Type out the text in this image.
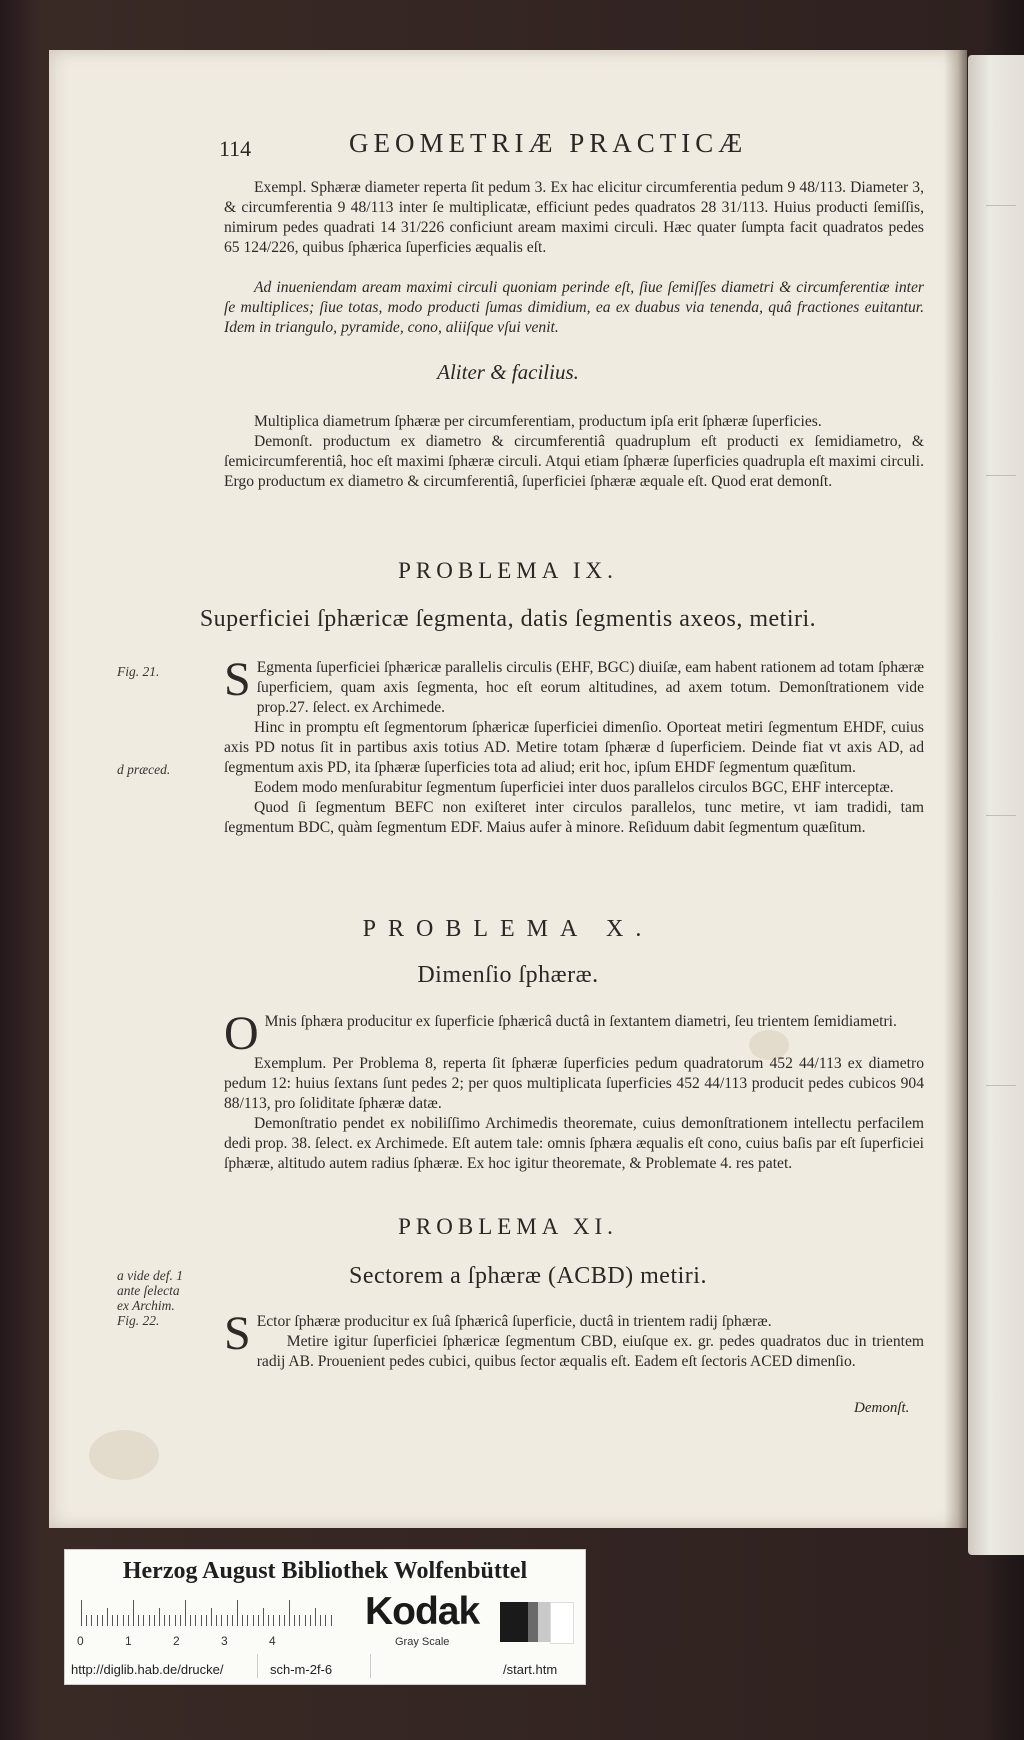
114	GEOMETRIÆ PRACTICÆ

Exempl. Sphæræ diameter reperta ſit pedum 3. Ex hac elicitur circumferentia pedum 9 48/113. Diameter 3, & circumferentia 9 48/113 inter ſe multiplicatæ, efficiunt pedes quadratos 28 31/113. Huius producti ſemiſſis, nimirum pedes quadrati 14 31/226 conficiunt aream maximi circuli. Hæc quater ſumpta facit quadratos pedes 65 124/226, quibus ſphærica ſuperficies æqualis eſt.

Ad inueniendam aream maximi circuli quoniam perinde eſt, ſiue ſemiſſes diametri & circumferentiæ inter ſe multiplices; ſiue totas, modo producti ſumas dimidium, ea ex duabus via tenenda, quâ fractiones euitantur. Idem in triangulo, pyramide, cono, aliiſque vſui venit.

Aliter & facilius.

Multiplica diametrum ſphæræ per circumferentiam, productum ipſa erit ſphæræ ſuperficies.

Demonſt. productum ex diametro & circumferentiâ quadruplum eſt producti ex ſemidiametro, & ſemicircumferentiâ, hoc eſt maximi ſphæræ circuli. Atqui etiam ſphæræ ſuperficies quadrupla eſt maximi circuli. Ergo productum ex diametro & circumferentiâ, ſuperficiei ſphæræ æquale eſt. Quod erat demonſt.

PROBLEMA IX.
Superficiei ſphæricæ ſegmenta, datis ſegmentis axeos, metiri.

S Egmenta ſuperficiei ſphæricæ parallelis circulis (EHF, BGC) diuiſæ, eam habent rationem ad totam ſphæræ ſuperficiem, quam axis ſegmenta, hoc eſt eorum altitudines, ad axem totum. Demonſtrationem vide prop.27. ſelect. ex Archimede.

Hinc in promptu eſt ſegmentorum ſphæricæ ſuperficiei dimenſio. Oporteat metiri ſegmentum EHDF, cuius axis PD notus ſit in partibus axis totius AD. Metire totam ſphæræ d ſuperficiem. Deinde fiat vt axis AD, ad ſegmentum axis PD, ita ſphæræ ſuperficies tota ad aliud; erit hoc, ipſum EHDF ſegmentum quæſitum.

Eodem modo menſurabitur ſegmentum ſuperficiei inter duos parallelos circulos BGC, EHF interceptæ.

Quod ſi ſegmentum BEFC non exiſteret inter circulos parallelos, tunc metire, vt iam tradidi, tam ſegmentum BDC, quàm ſegmentum EDF. Maius aufer à minore. Reſiduum dabit ſegmentum quæſitum.

Fig. 21.
d præced.
PROBLEMA X.
Dimenſio ſphæræ.

O Mnis ſphæra producitur ex ſuperficie ſphæricâ ductâ in ſextantem diametri, ſeu trientem ſemidiametri.

Exemplum. Per Problema 8, reperta ſit ſphæræ ſuperficies pedum quadratorum 452 44/113 ex diametro pedum 12: huius ſextans ſunt pedes 2; per quos multiplicata ſuperficies 452 44/113 producit pedes cubicos 904 88/113, pro ſoliditate ſphæræ datæ.

Demonſtratio pendet ex nobiliſſimo Archimedis theoremate, cuius demonſtrationem intellectu perfacilem dedi prop. 38. ſelect. ex Archimede. Eſt autem tale: omnis ſphæra æqualis eſt cono, cuius baſis par eſt ſuperficiei ſphæræ, altitudo autem radius ſphæræ. Ex hoc igitur theoremate, & Problemate 4. res patet.

PROBLEMA XI.
Sectorem a ſphæræ (ACBD) metiri.
a vide def. 1
ante ſelecta
ex Archim.
Fig. 22.	S Ector ſphæræ producitur ex ſuâ ſphæricâ ſuperficie, ductâ in trientem radij ſphæræ.

Metire igitur ſuperficiei ſphæricæ ſegmentum CBD, eiuſque ex. gr. pedes quadratos duc in trientem radij AB. Prouenient pedes cubici, quibus ſector æqualis eſt. Eadem eſt ſectoris ACED dimenſio.

Demonſt.
Herzog August Bibliothek Wolfenbüttel
0	1	2	3	4
Kodak
Gray Scale
http://diglib.hab.de/drucke/	sch-m-2f-6	/start.htm
